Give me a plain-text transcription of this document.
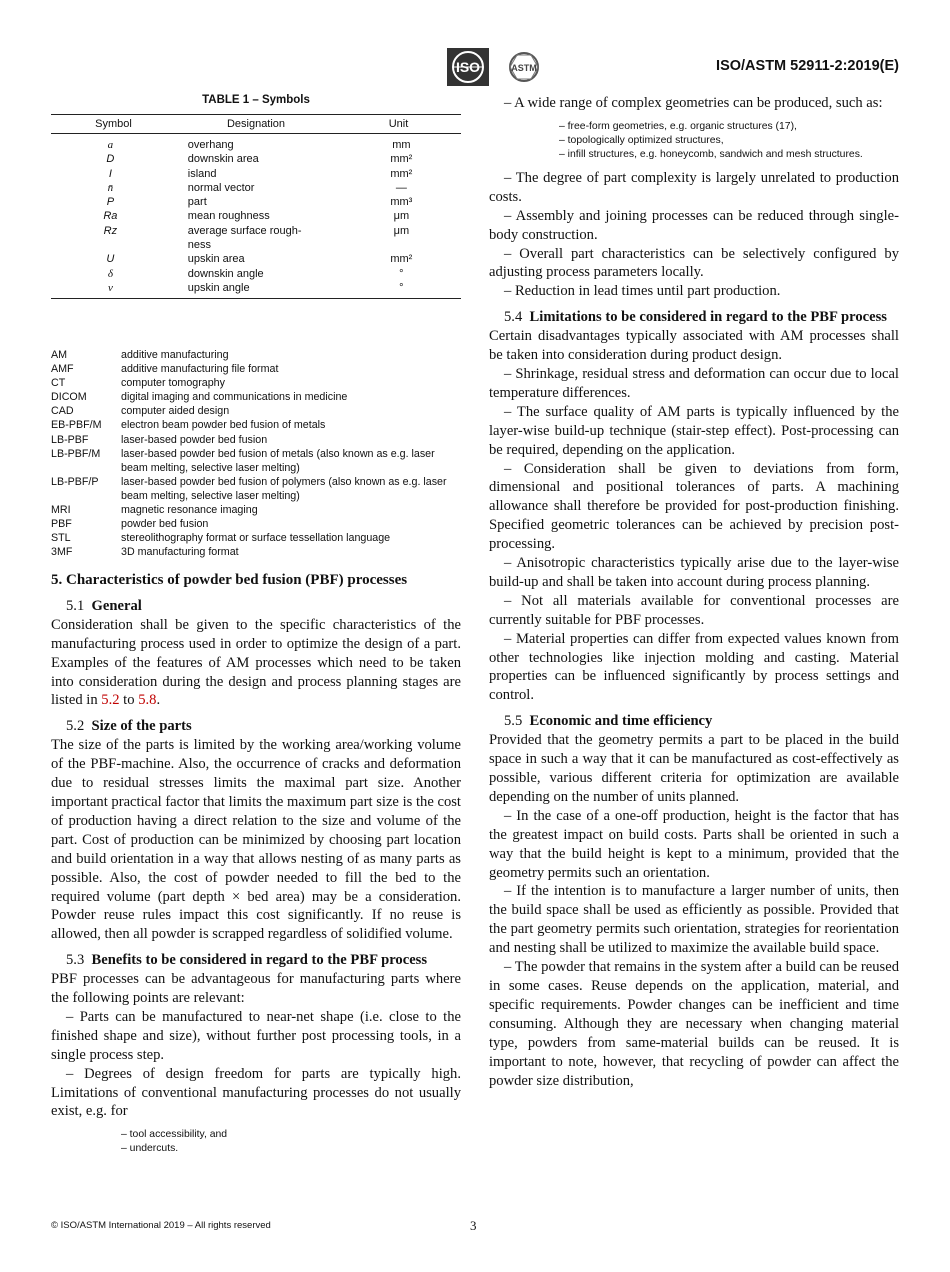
ISO	ASTM	ISO/ASTM 52911-2:2019(E)
TABLE 1 – Symbols
Symbol	Designation	Unit
a	overhang	mm
D	downskin area	mm²
I	island	mm²
n̄	normal vector	—
P	part	mm³
Ra	mean roughness	μm
Rz	average surface rough-	μm
	ness	
U	upskin area	mm²
δ	downskin angle	°
ν	upskin angle	°
AM	additive manufacturing
AMF	additive manufacturing file format
CT	computer tomography
DICOM	digital imaging and communications in medicine
CAD	computer aided design
EB-PBF/M	electron beam powder bed fusion of metals
LB-PBF	laser-based powder bed fusion
LB-PBF/M	laser-based powder bed fusion of metals (also known as e.g. laser beam melting, selective laser melting)
LB-PBF/P	laser-based powder bed fusion of polymers (also known as e.g. laser beam melting, selective laser melting)
MRI	magnetic resonance imaging
PBF	powder bed fusion
STL	stereolithography format or surface tessellation language
3MF	3D manufacturing format

5. Characteristics of powder bed fusion (PBF) processes

5.1 General

Consideration shall be given to the specific characteristics of the manufacturing process used in order to optimize the design of a part. Examples of the features of AM processes which need to be taken into consideration during the design and process planning stages are listed in 5.2 to 5.8.

5.2 Size of the parts

The size of the parts is limited by the working area/working volume of the PBF-machine. Also, the occurrence of cracks and deformation due to residual stresses limits the maximal part size. Another important practical factor that limits the maximum part size is the cost of production having a direct relation to the size and volume of the part. Cost of production can be minimized by choosing part location and build orientation in a way that allows nesting of as many parts as possible. Also, the cost of powder needed to fill the bed to the required volume (part depth × bed area) may be a consideration. Powder reuse rules impact this cost significantly. If no reuse is allowed, then all powder is scrapped regardless of solidified volume.

5.3 Benefits to be considered in regard to the PBF process

PBF processes can be advantageous for manufacturing parts where the following points are relevant:

– Parts can be manufactured to near-net shape (i.e. close to the finished shape and size), without further post processing tools, in a single process step.

– Degrees of design freedom for parts are typically high. Limitations of conventional manufacturing processes do not usually exist, e.g. for

– tool accessibility, and
– undercuts.

– A wide range of complex geometries can be produced, such as:

– free-form geometries, e.g. organic structures (17),
– topologically optimized structures,
– infill structures, e.g. honeycomb, sandwich and mesh structures.

– The degree of part complexity is largely unrelated to production costs.

– Assembly and joining processes can be reduced through single-body construction.

– Overall part characteristics can be selectively configured by adjusting process parameters locally.

– Reduction in lead times until part production.

5.4 Limitations to be considered in regard to the PBF process

Certain disadvantages typically associated with AM processes shall be taken into consideration during product design.

– Shrinkage, residual stress and deformation can occur due to local temperature differences.

– The surface quality of AM parts is typically influenced by the layer-wise build-up technique (stair-step effect). Post-processing can be required, depending on the application.

– Consideration shall be given to deviations from form, dimensional and positional tolerances of parts. A machining allowance shall therefore be provided for post-production finishing. Specified geometric tolerances can be achieved by precision post-processing.

– Anisotropic characteristics typically arise due to the layer-wise build-up and shall be taken into account during process planning.

– Not all materials available for conventional processes are currently suitable for PBF processes.

– Material properties can differ from expected values known from other technologies like injection molding and casting. Material properties can be influenced significantly by process settings and control.

5.5 Economic and time efficiency

Provided that the geometry permits a part to be placed in the build space in such a way that it can be manufactured as cost-effectively as possible, various different criteria for optimization are available depending on the number of units planned.

– In the case of a one-off production, height is the factor that has the greatest impact on build costs. Parts shall be oriented in such a way that the build height is kept to a minimum, provided that the geometry permits such an orientation.

– If the intention is to manufacture a larger number of units, then the build space shall be used as efficiently as possible. Provided that the part geometry permits such orientation, strategies for reorientation and nesting shall be utilized to maximize the available build space.

– The powder that remains in the system after a build can be reused in some cases. Reuse depends on the application, material, and specific requirements. Powder changes can be inefficient and time consuming. Although they are necessary when changing material type, powders from same-material builds can be reused. It is important to note, however, that recycling of powder can affect the powder size distribution,

© ISO/ASTM International 2019 – All rights reserved	3
